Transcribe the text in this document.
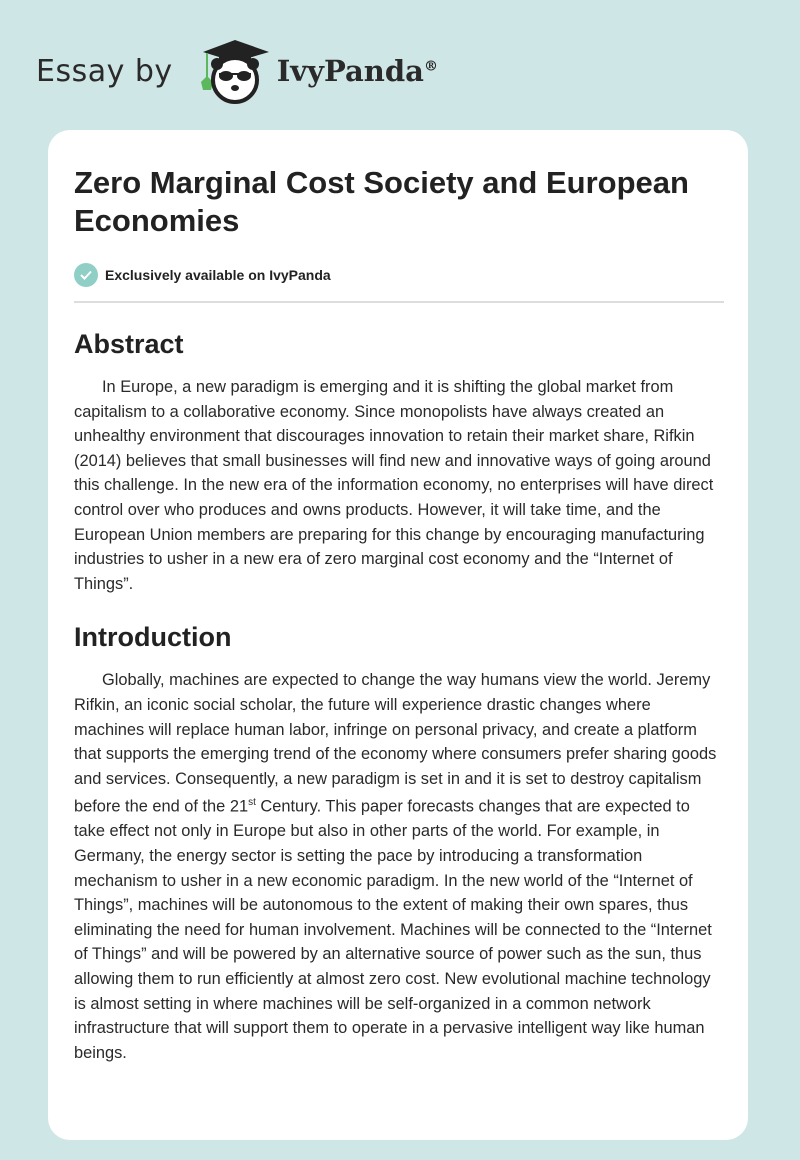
Essay by	IvyPanda®
Zero Marginal Cost Society and European Economies
Exclusively available on IvyPanda
Abstract

In Europe, a new paradigm is emerging and it is shifting the global market from capitalism to a collaborative economy. Since monopolists have always created an unhealthy environment that discourages innovation to retain their market share, Rifkin (2014) believes that small businesses will find new and innovative ways of going around this challenge. In the new era of the information economy, no enterprises will have direct control over who produces and owns products. However, it will take time, and the European Union members are preparing for this change by encouraging manufacturing industries to usher in a new era of zero marginal cost economy and the “Internet of Things”.

Introduction

Globally, machines are expected to change the way humans view the world. Jeremy Rifkin, an iconic social scholar, the future will experience drastic changes where machines will replace human labor, infringe on personal privacy, and create a platform that supports the emerging trend of the economy where consumers prefer sharing goods and services. Consequently, a new paradigm is set in and it is set to destroy capitalism before the end of the 21st Century. This paper forecasts changes that are expected to take effect not only in Europe but also in other parts of the world. For example, in Germany, the energy sector is setting the pace by introducing a transformation mechanism to usher in a new economic paradigm. In the new world of the “Internet of Things”, machines will be autonomous to the extent of making their own spares, thus eliminating the need for human involvement. Machines will be connected to the “Internet of Things” and will be powered by an alternative source of power such as the sun, thus allowing them to run efficiently at almost zero cost. New evolutional machine technology is almost setting in where machines will be self-organized in a common network infrastructure that will support them to operate in a pervasive intelligent way like human beings.
